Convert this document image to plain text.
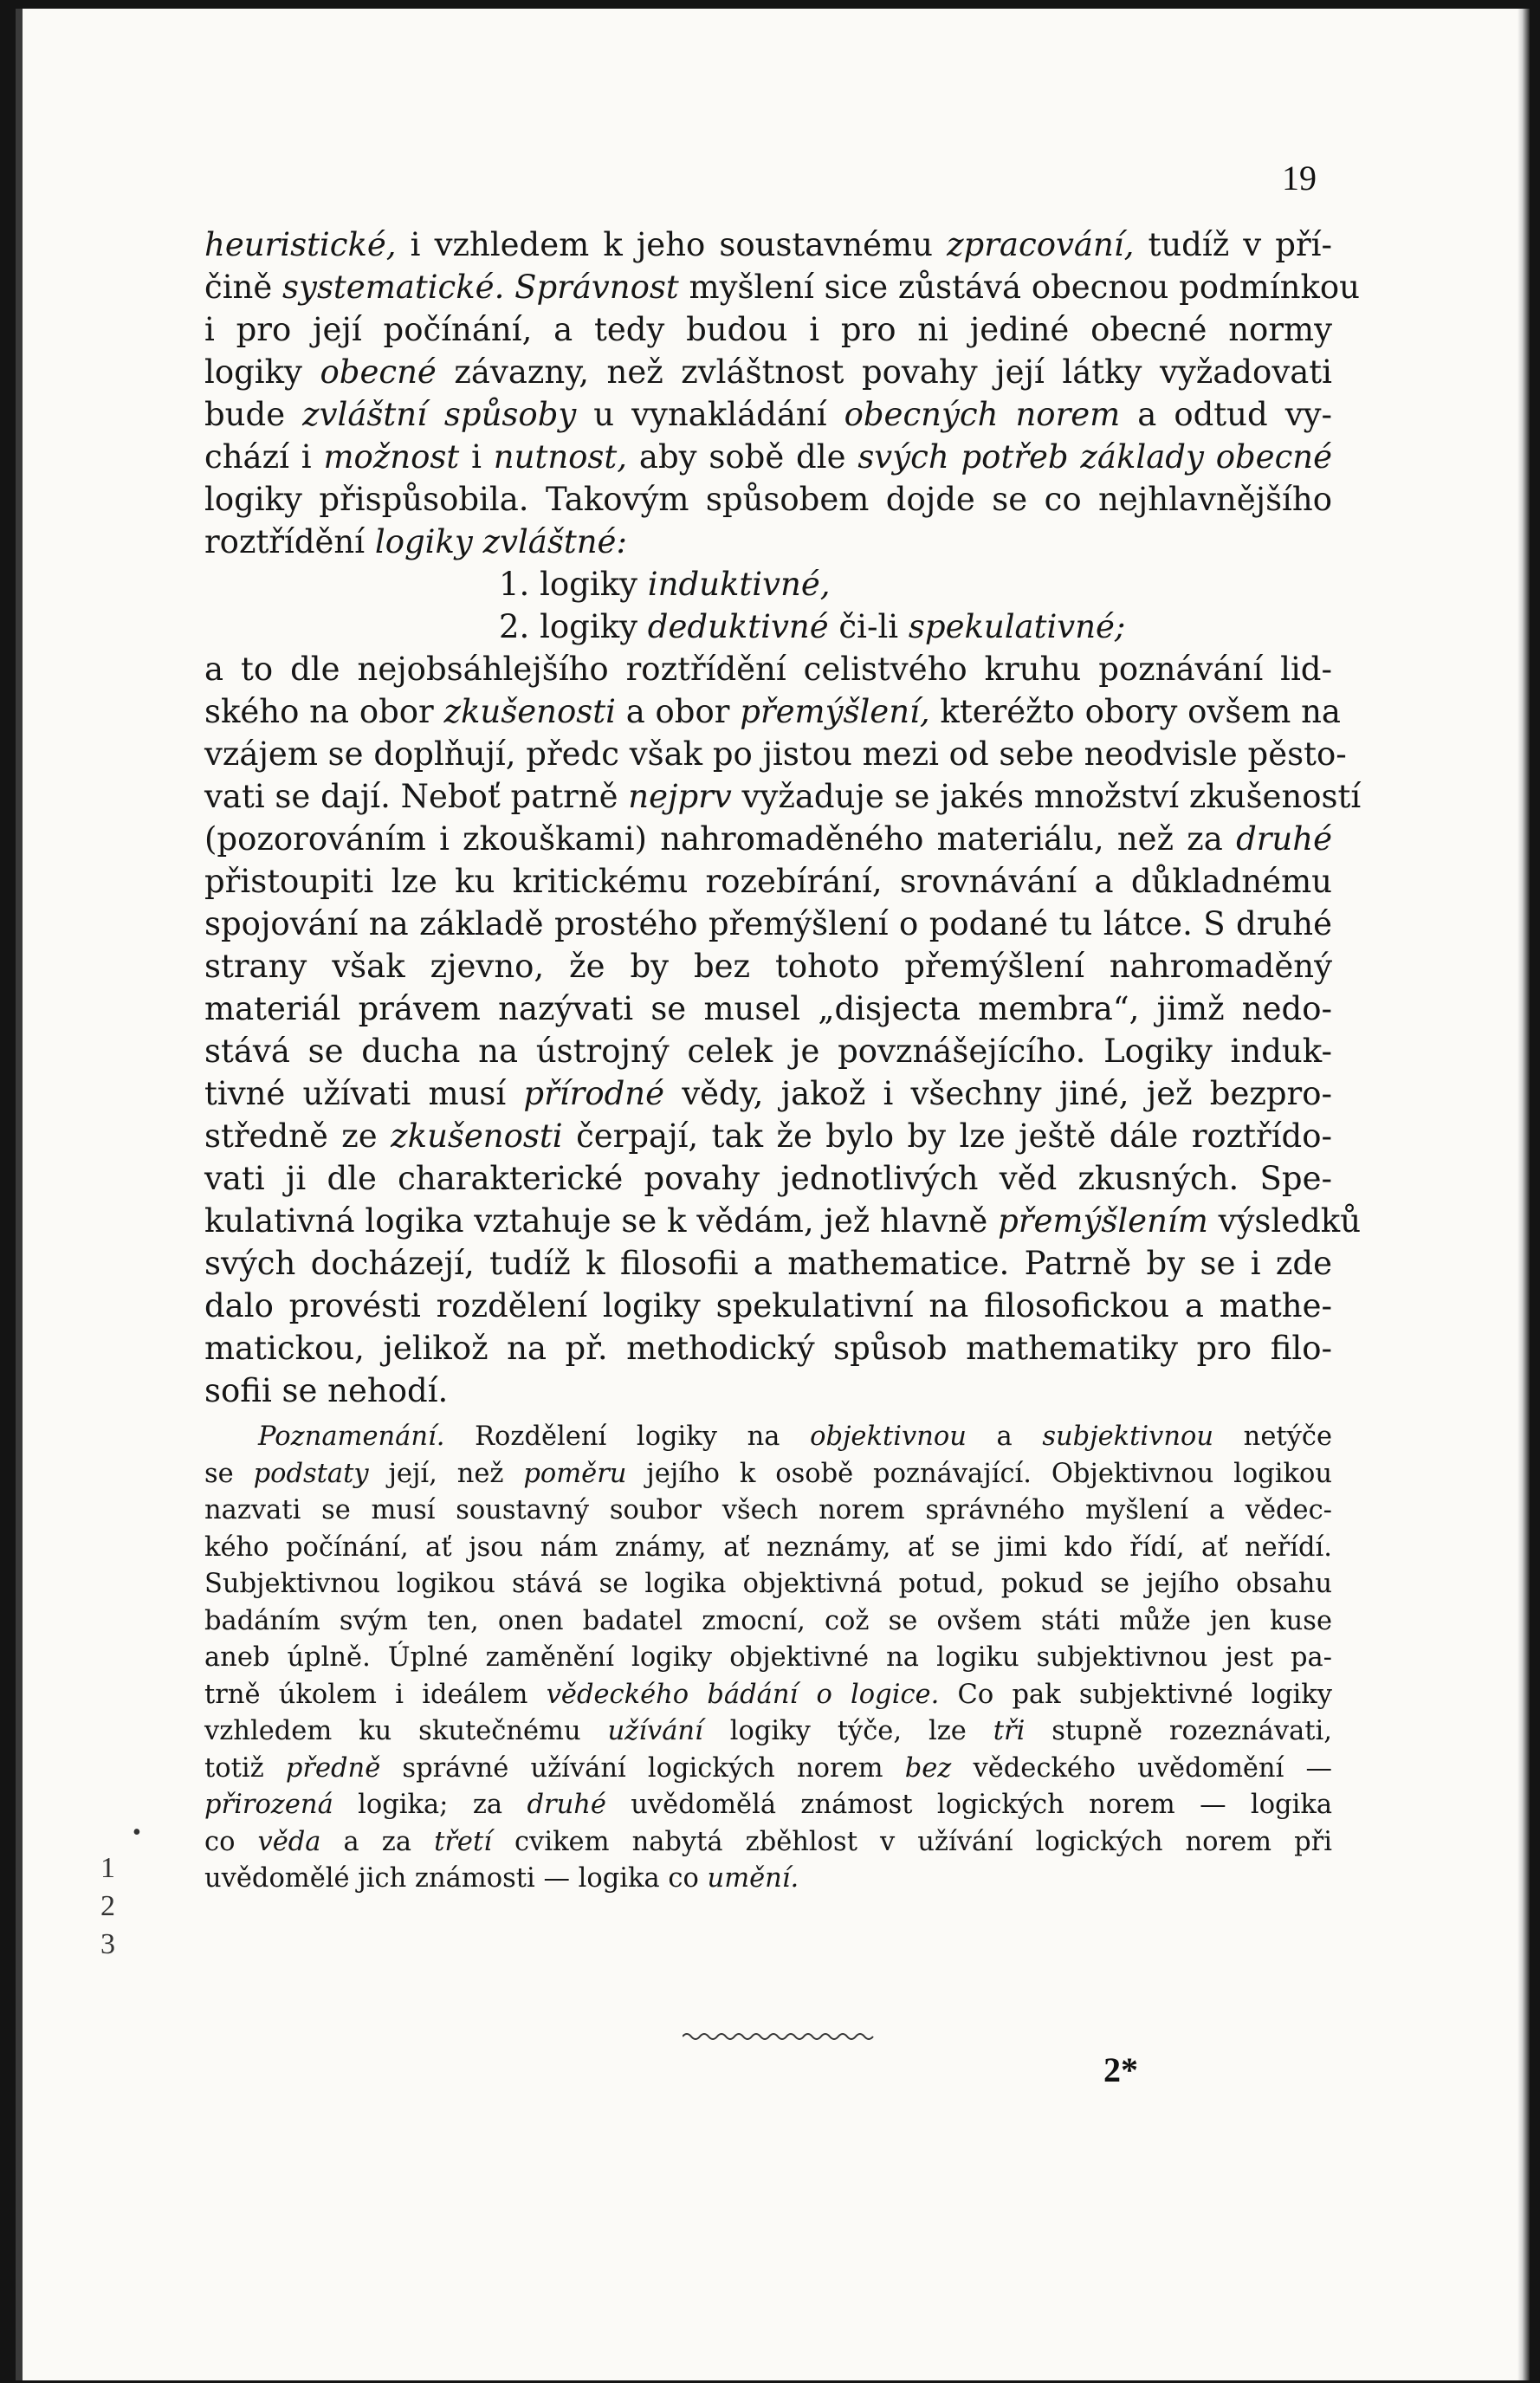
19
heuristické, i vzhledem k jeho soustavnému zpracování, tudíž v pří-
čině systematické. Správnost myšlení sice zůstává obecnou podmínkou
i pro její počínání, a tedy budou i pro ni jediné obecné normy
logiky obecné závazny, než zvláštnost povahy její látky vyžadovati
bude zvláštní spůsoby u vynakládání obecných norem a odtud vy-
chází i možnost i nutnost, aby sobě dle svých potřeb základy obecné
logiky přispůsobila. Takovým spůsobem dojde se co nejhlavnějšího
roztřídění logiky zvláštné:
1. logiky induktivné,
2. logiky deduktivné či-li spekulativné;
a to dle nejobsáhlejšího roztřídění celistvého kruhu poznávání lid-
ského na obor zkušenosti a obor přemýšlení, kteréžto obory ovšem na
vzájem se doplňují, předc však po jistou mezi od sebe neodvisle pěsto-
vati se dají. Neboť patrně nejprv vyžaduje se jakés množství zkušeností
(pozorováním i zkouškami) nahromaděného materiálu, než za druhé
přistoupiti lze ku kritickému rozebírání, srovnávání a důkladnému
spojování na základě prostého přemýšlení o podané tu látce. S druhé
strany však zjevno, že by bez tohoto přemýšlení nahromaděný
materiál právem nazývati se musel „disjecta membra“, jimž nedo-
stává se ducha na ústrojný celek je povznášejícího. Logiky induk-
tivné užívati musí přírodné vědy, jakož i všechny jiné, jež bezpro-
středně ze zkušenosti čerpají, tak že bylo by lze ještě dále roztřído-
vati ji dle charakterické povahy jednotlivých věd zkusných. Spe-
kulativná logika vztahuje se k vědám, jež hlavně přemýšlením výsledků
svých docházejí, tudíž k filosofii a mathematice. Patrně by se i zde
dalo provésti rozdělení logiky spekulativní na filosofickou a mathe-
matickou, jelikož na př. methodický spůsob mathematiky pro filo-
sofii se nehodí.
Poznamenání. Rozdělení logiky na objektivnou a subjektivnou netýče
se podstaty její, než poměru jejího k osobě poznávající. Objektivnou logikou
nazvati se musí soustavný soubor všech norem správného myšlení a vědec-
kého počínání, ať jsou nám známy, ať neznámy, ať se jimi kdo řídí, ať neřídí.
Subjektivnou logikou stává se logika objektivná potud, pokud se jejího obsahu
badáním svým ten, onen badatel zmocní, což se ovšem státi může jen kuse
aneb úplně. Úplné zaměnění logiky objektivné na logiku subjektivnou jest pa-
trně úkolem i ideálem vědeckého bádání o logice. Co pak subjektivné logiky
vzhledem ku skutečnému užívání logiky týče, lze tři stupně rozeznávati,
totiž předně správné užívání logických norem bez vědeckého uvědomění —
přirozená logika; za druhé uvědomělá známost logických norem — logika
co věda a za třetí cvikem nabytá zběhlost v užívání logických norem při
uvědomělé jich známosti — logika co umění.
•
1
2
3
2*
